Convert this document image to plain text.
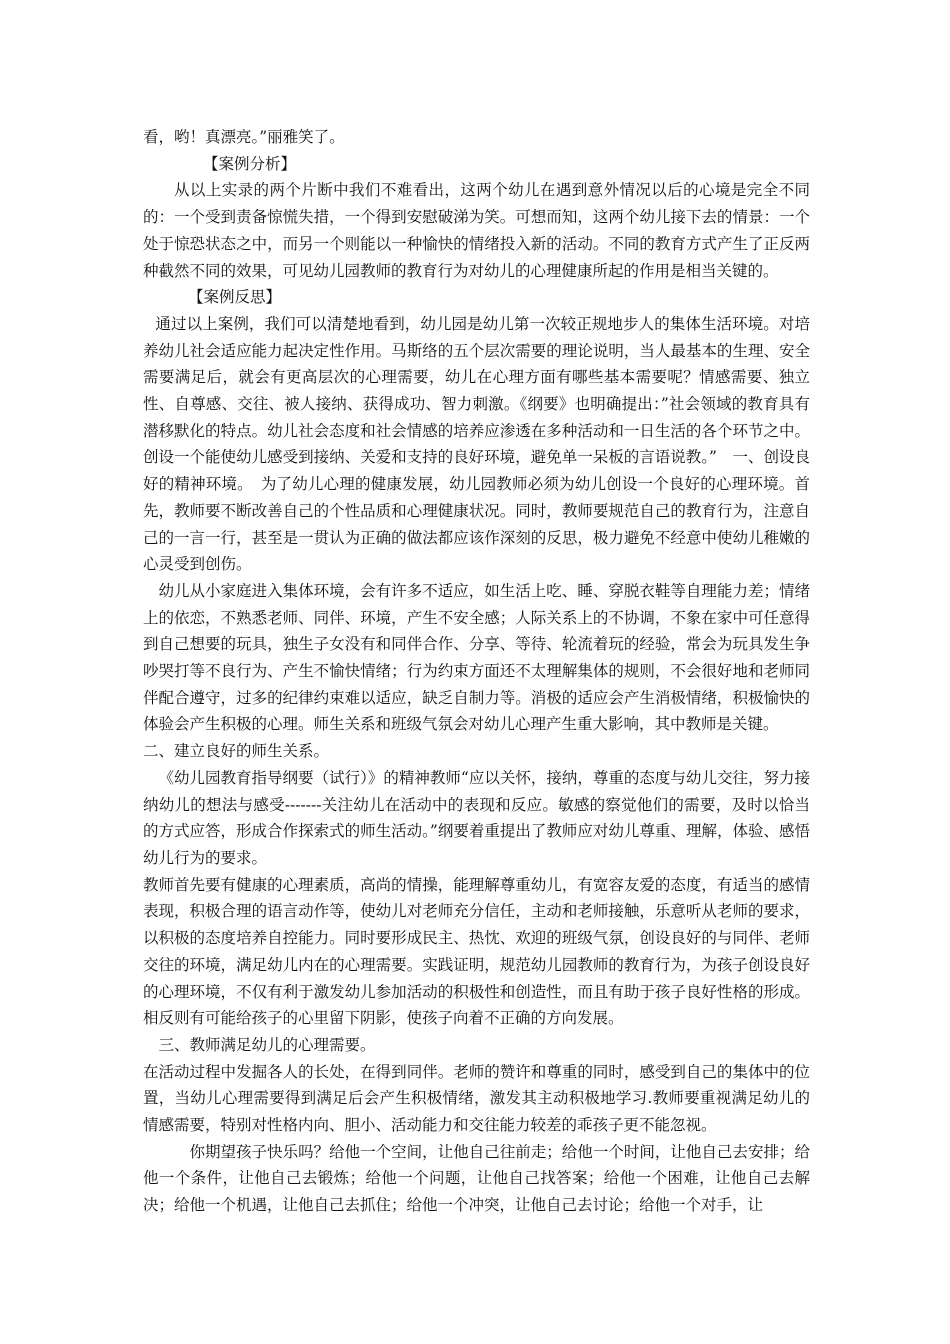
看，哟！真漂亮。”丽雅笑了。

【案例分析】

从以上实录的两个片断中我们不难看出，这两个幼儿在遇到意外情况以后的心境是完全不同的：一个受到责备惊慌失措，一个得到安慰破涕为笑。可想而知，这两个幼儿接下去的情景：一个处于惊恐状态之中，而另一个则能以一种愉快的情绪投入新的活动。不同的教育方式产生了正反两种截然不同的效果，可见幼儿园教师的教育行为对幼儿的心理健康所起的作用是相当关键的。

【案例反思】

通过以上案例，我们可以清楚地看到，幼儿园是幼儿第一次较正规地步人的集体生活环境。对培养幼儿社会适应能力起决定性作用。马斯络的五个层次需要的理论说明，当人最基本的生理、安全需要满足后，就会有更高层次的心理需要，幼儿在心理方面有哪些基本需要呢？情感需要、独立性、自尊感、交往、被人接纳、获得成功、智力刺激。《纲要》也明确提出：”社会领域的教育具有潜移默化的特点。幼儿社会态度和社会情感的培养应渗透在多种活动和一日生活的各个环节之中。创设一个能使幼儿感受到接纳、关爱和支持的良好环境，避免单一呆板的言语说教。”　一、创设良好的精神环境。　为了幼儿心理的健康发展，幼儿园教师必须为幼儿创设一个良好的心理环境。首先，教师要不断改善自己的个性品质和心理健康状况。同时，教师要规范自己的教育行为，注意自己的一言一行，甚至是一贯认为正确的做法都应该作深刻的反思，极力避免不经意中使幼儿稚嫩的心灵受到创伤。

幼儿从小家庭进入集体环境，会有许多不适应，如生活上吃、睡、穿脱衣鞋等自理能力差；情绪上的依恋，不熟悉老师、同伴、环境，产生不安全感；人际关系上的不协调，不象在家中可任意得到自己想要的玩具，独生子女没有和同伴合作、分享、等待、轮流着玩的经验，常会为玩具发生争吵哭打等不良行为、产生不愉快情绪；行为约束方面还不太理解集体的规则，不会很好地和老师同伴配合遵守，过多的纪律约束难以适应，缺乏自制力等。消极的适应会产生消极情绪，积极愉快的体验会产生积极的心理。师生关系和班级气氛会对幼儿心理产生重大影响，其中教师是关键。

二、建立良好的师生关系。

《幼儿园教育指导纲要（试行）》的精神教师“应以关怀，接纳，尊重的态度与幼儿交往，努力接纳幼儿的想法与感受-------关注幼儿在活动中的表现和反应。敏感的察觉他们的需要，及时以恰当的方式应答，形成合作探索式的师生活动。”纲要着重提出了教师应对幼儿尊重、理解，体验、感悟幼儿行为的要求。

教师首先要有健康的心理素质，高尚的情操，能理解尊重幼儿，有宽容友爱的态度，有适当的感情表现，积极合理的语言动作等，使幼儿对老师充分信任，主动和老师接触，乐意听从老师的要求，以积极的态度培养自控能力。同时要形成民主、热忱、欢迎的班级气氛，创设良好的与同伴、老师交往的环境，满足幼儿内在的心理需要。实践证明，规范幼儿园教师的教育行为，为孩子创设良好的心理环境，不仅有利于激发幼儿参加活动的积极性和创造性，而且有助于孩子良好性格的形成。相反则有可能给孩子的心里留下阴影，使孩子向着不正确的方向发展。

三、教师满足幼儿的心理需要。

在活动过程中发掘各人的长处，在得到同伴。老师的赞许和尊重的同时，感受到自己的集体中的位置，当幼儿心理需要得到满足后会产生积极情绪，激发其主动积极地学习.教师要重视满足幼儿的情感需要，特别对性格内向、胆小、活动能力和交往能力较差的乖孩子更不能忽视。

你期望孩子快乐吗？给他一个空间，让他自己往前走；给他一个时间，让他自己去安排；给他一个条件，让他自己去锻炼；给他一个问题，让他自己找答案；给他一个困难，让他自己去解决；给他一个机遇，让他自己去抓住；给他一个冲突，让他自己去讨论；给他一个对手，让
